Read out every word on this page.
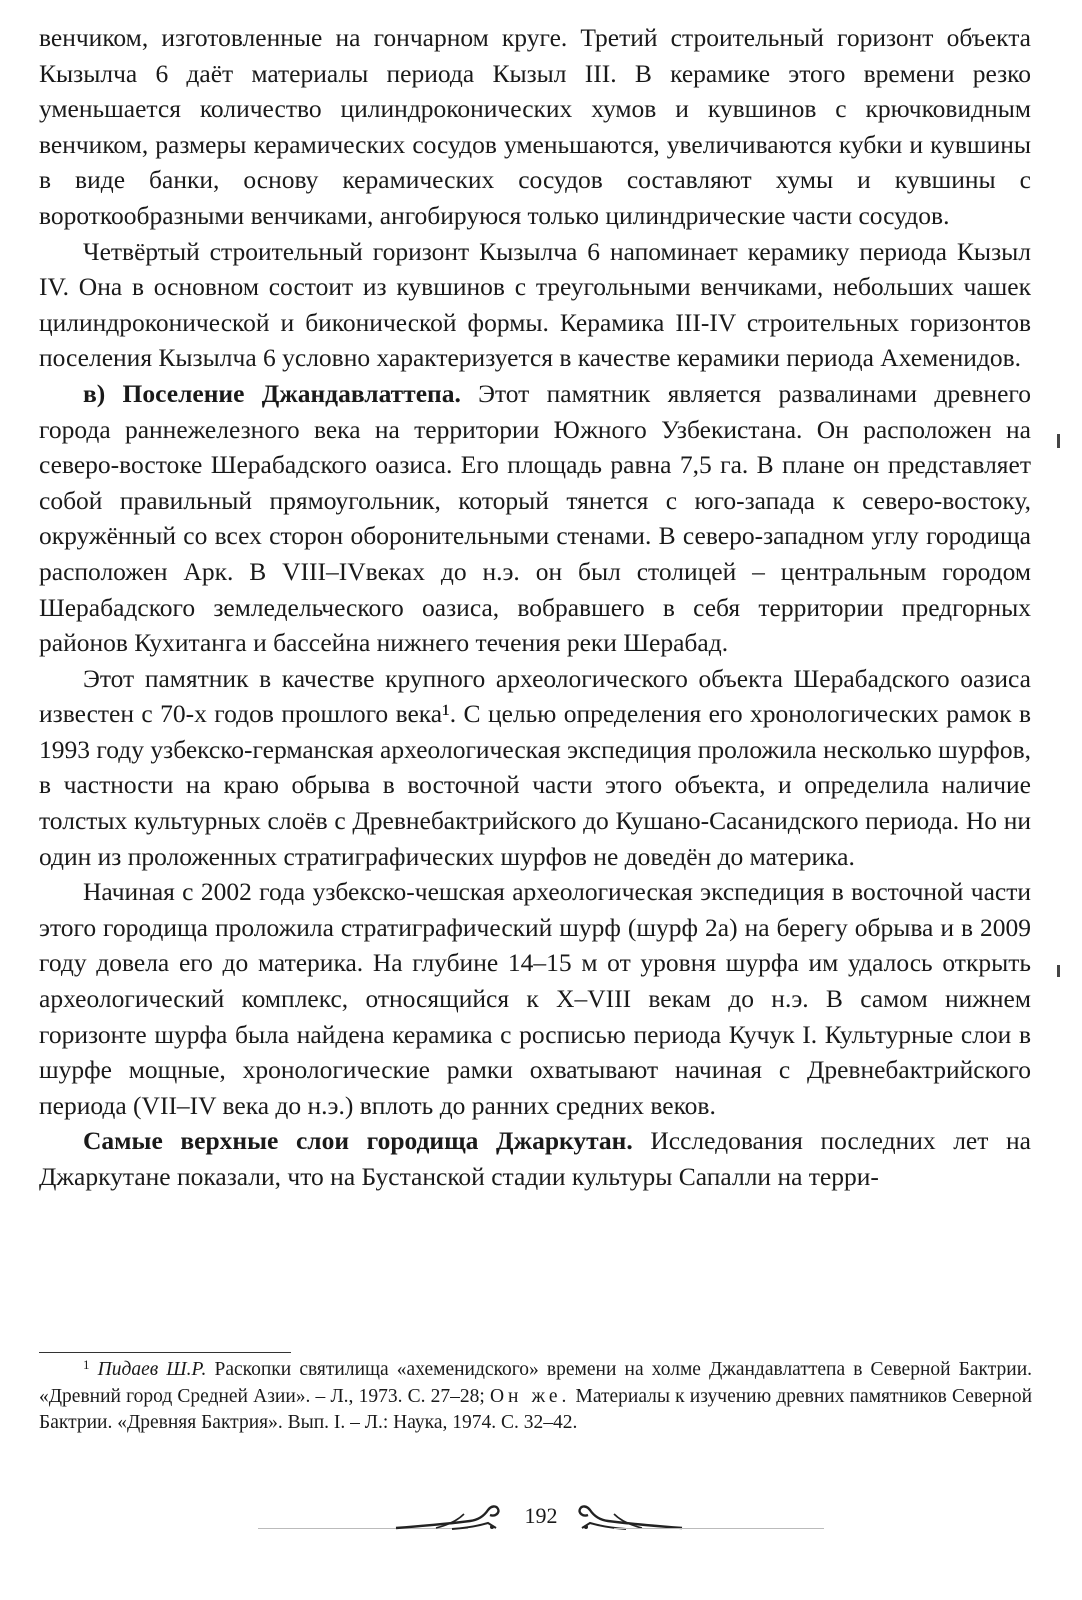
венчиком, изготовленные на гончарном круге. Третий строительный горизонт объекта Кызылча 6 даёт материалы периода Кызыл III. В керамике этого времени резко уменьшается количество цилиндроконических хумов и кувшинов с крючковидным венчиком, размеры керамических сосудов уменьшаются, увеличиваются кубки и кувшины в виде банки, основу керамических сосудов составляют хумы и кувшины с вороткообразными венчиками, ангобируюся только цилиндрические части сосудов.

Четвёртый строительный горизонт Кызылча 6 напоминает керамику периода Кызыл IV. Она в основном состоит из кувшинов с треугольными венчиками, небольших чашек цилиндроконической и биконической формы. Керамика III-IV строительных горизонтов поселения Кызылча 6 условно характеризуется в качестве керамики периода Ахеменидов.

в) Поселение Джандавлаттепа. Этот памятник является развалинами древнего города раннежелезного века на территории Южного Узбекистана. Он расположен на северо-востоке Шерабадского оазиса. Его площадь равна 7,5 га. В плане он представляет собой правильный прямоугольник, который тянется с юго-запада к северо-востоку, окружённый со всех сторон оборонительными стенами. В северо-западном углу городища расположен Арк. В VIII–IVвеках до н.э. он был столицей – центральным городом Шерабадского земледельческого оазиса, вобравшего в себя территории предгорных районов Кухитанга и бассейна нижнего течения реки Шерабад.

Этот памятник в качестве крупного археологического объекта Шерабадского оазиса известен с 70-х годов прошлого века¹. С целью определения его хронологических рамок в 1993 году узбекско-германская археологическая экспедиция проложила несколько шурфов, в частности на краю обрыва в восточной части этого объекта, и определила наличие толстых культурных слоёв с Древнебактрийского до Кушано-Сасанидского периода. Но ни один из проложенных стратиграфических шурфов не доведён до материка.

Начиная с 2002 года узбекско-чешская археологическая экспедиция в восточной части этого городища проложила стратиграфический шурф (шурф 2а) на берегу обрыва и в 2009 году довела его до материка. На глубине 14–15 м от уровня шурфа им удалось открыть археологический комплекс, относящийся к X–VIII векам до н.э. В самом нижнем горизонте шурфа была найдена керамика с росписью периода Кучук I. Культурные слои в шурфе мощные, хронологические рамки охватывают начиная с Древнебактрийского периода (VII–IV века до н.э.) вплоть до ранних средних веков.

Самые верхные слои городища Джаркутан. Исследования последних лет на Джаркутане показали, что на Бустанской стадии культуры Сапалли на терри-

$^1$ Пидаев Ш.Р. Раскопки святилища «ахеменидского» времени на холме Джандавлаттепа в Северной Бактрии. «Древний город Средней Азии». – Л., 1973. С. 27–28; Он же. Материалы к изучению древних памятников Северной Бактрии. «Древняя Бактрия». Вып. I. – Л.: Наука, 1974. С. 32–42.
192
